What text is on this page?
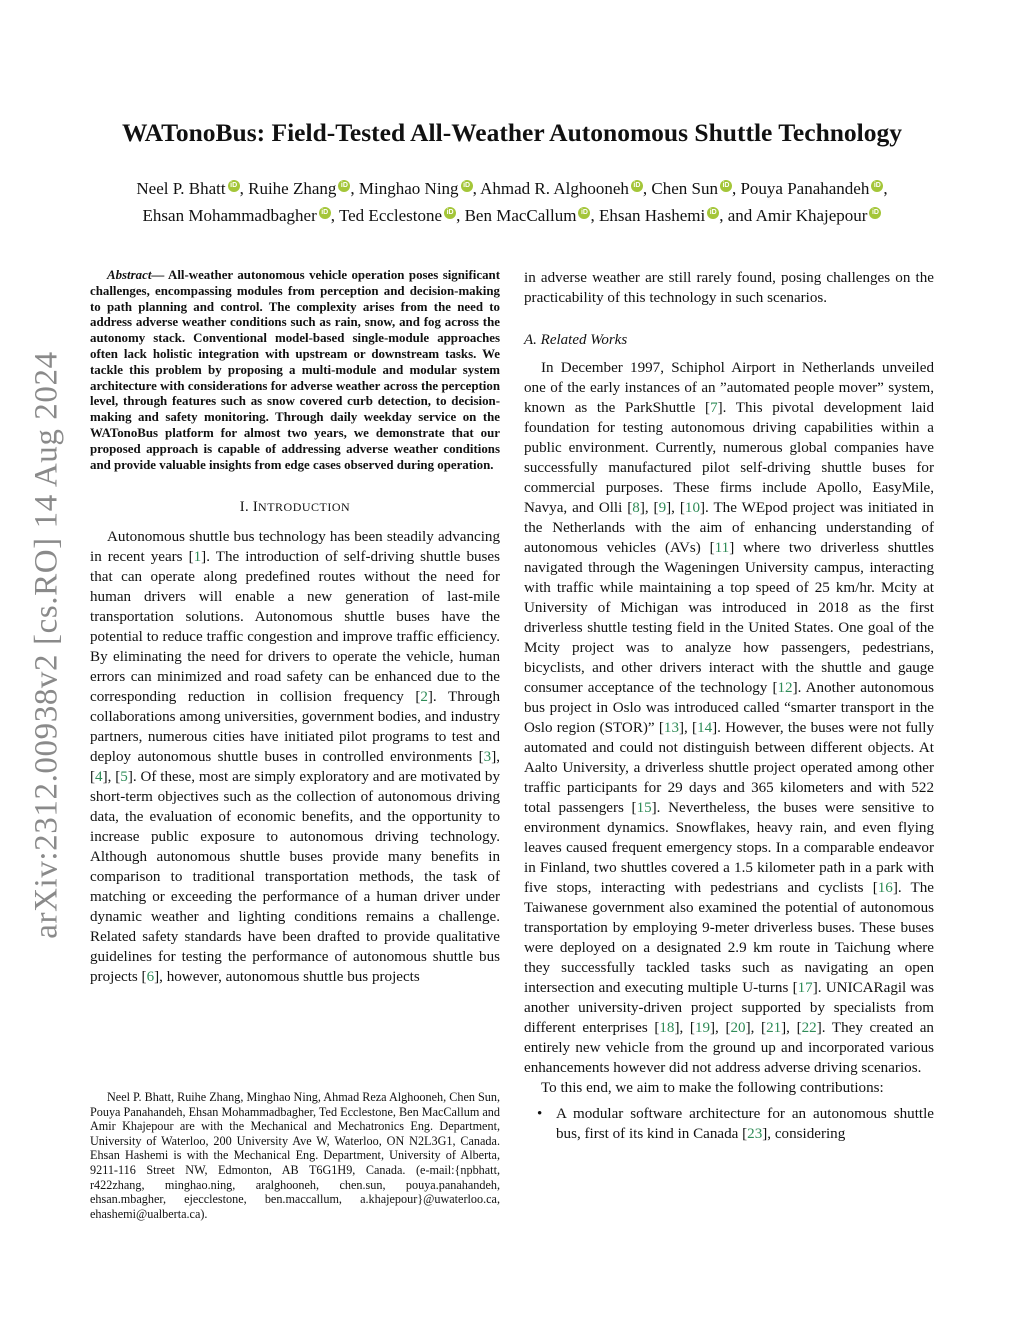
arXiv:2312.00938v2 [cs.RO] 14 Aug 2024
WATonoBus: Field-Tested All-Weather Autonomous Shuttle Technology
Neel P. Bhatt iD , Ruihe Zhang iD , Minghao Ning iD , Ahmad R. Alghooneh iD , Chen Sun iD , Pouya Panahandeh iD ,
Ehsan Mohammadbagher iD , Ted Ecclestone iD , Ben MacCallum iD , Ehsan Hashemi iD , and Amir Khajepour iD

Abstract— All-weather autonomous vehicle operation poses significant challenges, encompassing modules from perception and decision-making to path planning and control. The complexity arises from the need to address adverse weather conditions such as rain, snow, and fog across the autonomy stack. Conventional model-based single-module approaches often lack holistic integration with upstream or downstream tasks. We tackle this problem by proposing a multi-module and modular system architecture with considerations for adverse weather across the perception level, through features such as snow covered curb detection, to decision-making and safety monitoring. Through daily weekday service on the WATonoBus platform for almost two years, we demonstrate that our proposed approach is capable of addressing adverse weather conditions and provide valuable insights from edge cases observed during operation.

I. INTRODUCTION

Autonomous shuttle bus technology has been steadily advancing in recent years [1]. The introduction of self-driving shuttle buses that can operate along predefined routes without the need for human drivers will enable a new generation of last-mile transportation solutions. Autonomous shuttle buses have the potential to reduce traffic congestion and improve traffic efficiency. By eliminating the need for drivers to operate the vehicle, human errors can minimized and road safety can be enhanced due to the corresponding reduction in collision frequency [2]. Through collaborations among universities, government bodies, and industry partners, numerous cities have initiated pilot programs to test and deploy autonomous shuttle buses in controlled environments [3], [4], [5]. Of these, most are simply exploratory and are motivated by short-term objectives such as the collection of autonomous driving data, the evaluation of economic benefits, and the opportunity to increase public exposure to autonomous driving technology. Although autonomous shuttle buses provide many benefits in comparison to traditional transportation methods, the task of matching or exceeding the performance of a human driver under dynamic weather and lighting conditions remains a challenge. Related safety standards have been drafted to provide qualitative guidelines for testing the performance of autonomous shuttle bus projects [6], however, autonomous shuttle bus projects

Neel P. Bhatt, Ruihe Zhang, Minghao Ning, Ahmad Reza Alghooneh, Chen Sun, Pouya Panahandeh, Ehsan Mohammadbagher, Ted Ecclestone, Ben MacCallum and Amir Khajepour are with the Mechanical and Mechatronics Eng. Department, University of Waterloo, 200 University Ave W, Waterloo, ON N2L3G1, Canada. Ehsan Hashemi is with the Mechanical Eng. Department, University of Alberta, 9211-116 Street NW, Edmonton, AB T6G1H9, Canada. (e-mail:{npbhatt, r422zhang, minghao.ning, aralghooneh, chen.sun, pouya.panahandeh, ehsan.mbagher, ejecclestone, ben.maccallum, a.khajepour}@uwaterloo.ca, ehashemi@ualberta.ca).

in adverse weather are still rarely found, posing challenges on the practicability of this technology in such scenarios.

A. Related Works

In December 1997, Schiphol Airport in Netherlands unveiled one of the early instances of an ”automated people mover” system, known as the ParkShuttle [7]. This pivotal development laid foundation for testing autonomous driving capabilities within a public environment. Currently, numerous global companies have successfully manufactured pilot self-driving shuttle buses for commercial purposes. These firms include Apollo, EasyMile, Navya, and Olli [8], [9], [10]. The WEpod project was initiated in the Netherlands with the aim of enhancing understanding of autonomous vehicles (AVs) [11] where two driverless shuttles navigated through the Wageningen University campus, interacting with traffic while maintaining a top speed of 25 km/hr. Mcity at University of Michigan was introduced in 2018 as the first driverless shuttle testing field in the United States. One goal of the Mcity project was to analyze how passengers, pedestrians, bicyclists, and other drivers interact with the shuttle and gauge consumer acceptance of the technology [12]. Another autonomous bus project in Oslo was introduced called “smarter transport in the Oslo region (STOR)” [13], [14]. However, the buses were not fully automated and could not distinguish between different objects. At Aalto University, a driverless shuttle project operated among other traffic participants for 29 days and 365 kilometers and with 522 total passengers [15]. Nevertheless, the buses were sensitive to environment dynamics. Snowflakes, heavy rain, and even flying leaves caused frequent emergency stops. In a comparable endeavor in Finland, two shuttles covered a 1.5 kilometer path in a park with five stops, interacting with pedestrians and cyclists [16]. The Taiwanese government also examined the potential of autonomous transportation by employing 9-meter driverless buses. These buses were deployed on a designated 2.9 km route in Taichung where they successfully tackled tasks such as navigating an open intersection and executing multiple U-turns [17]. UNICARagil was another university-driven project supported by specialists from different enterprises [18], [19], [20], [21], [22]. They created an entirely new vehicle from the ground up and incorporated various enhancements however did not address adverse driving scenarios.

To this end, we aim to make the following contributions:

• A modular software architecture for an autonomous shuttle bus, first of its kind in Canada [23], considering
